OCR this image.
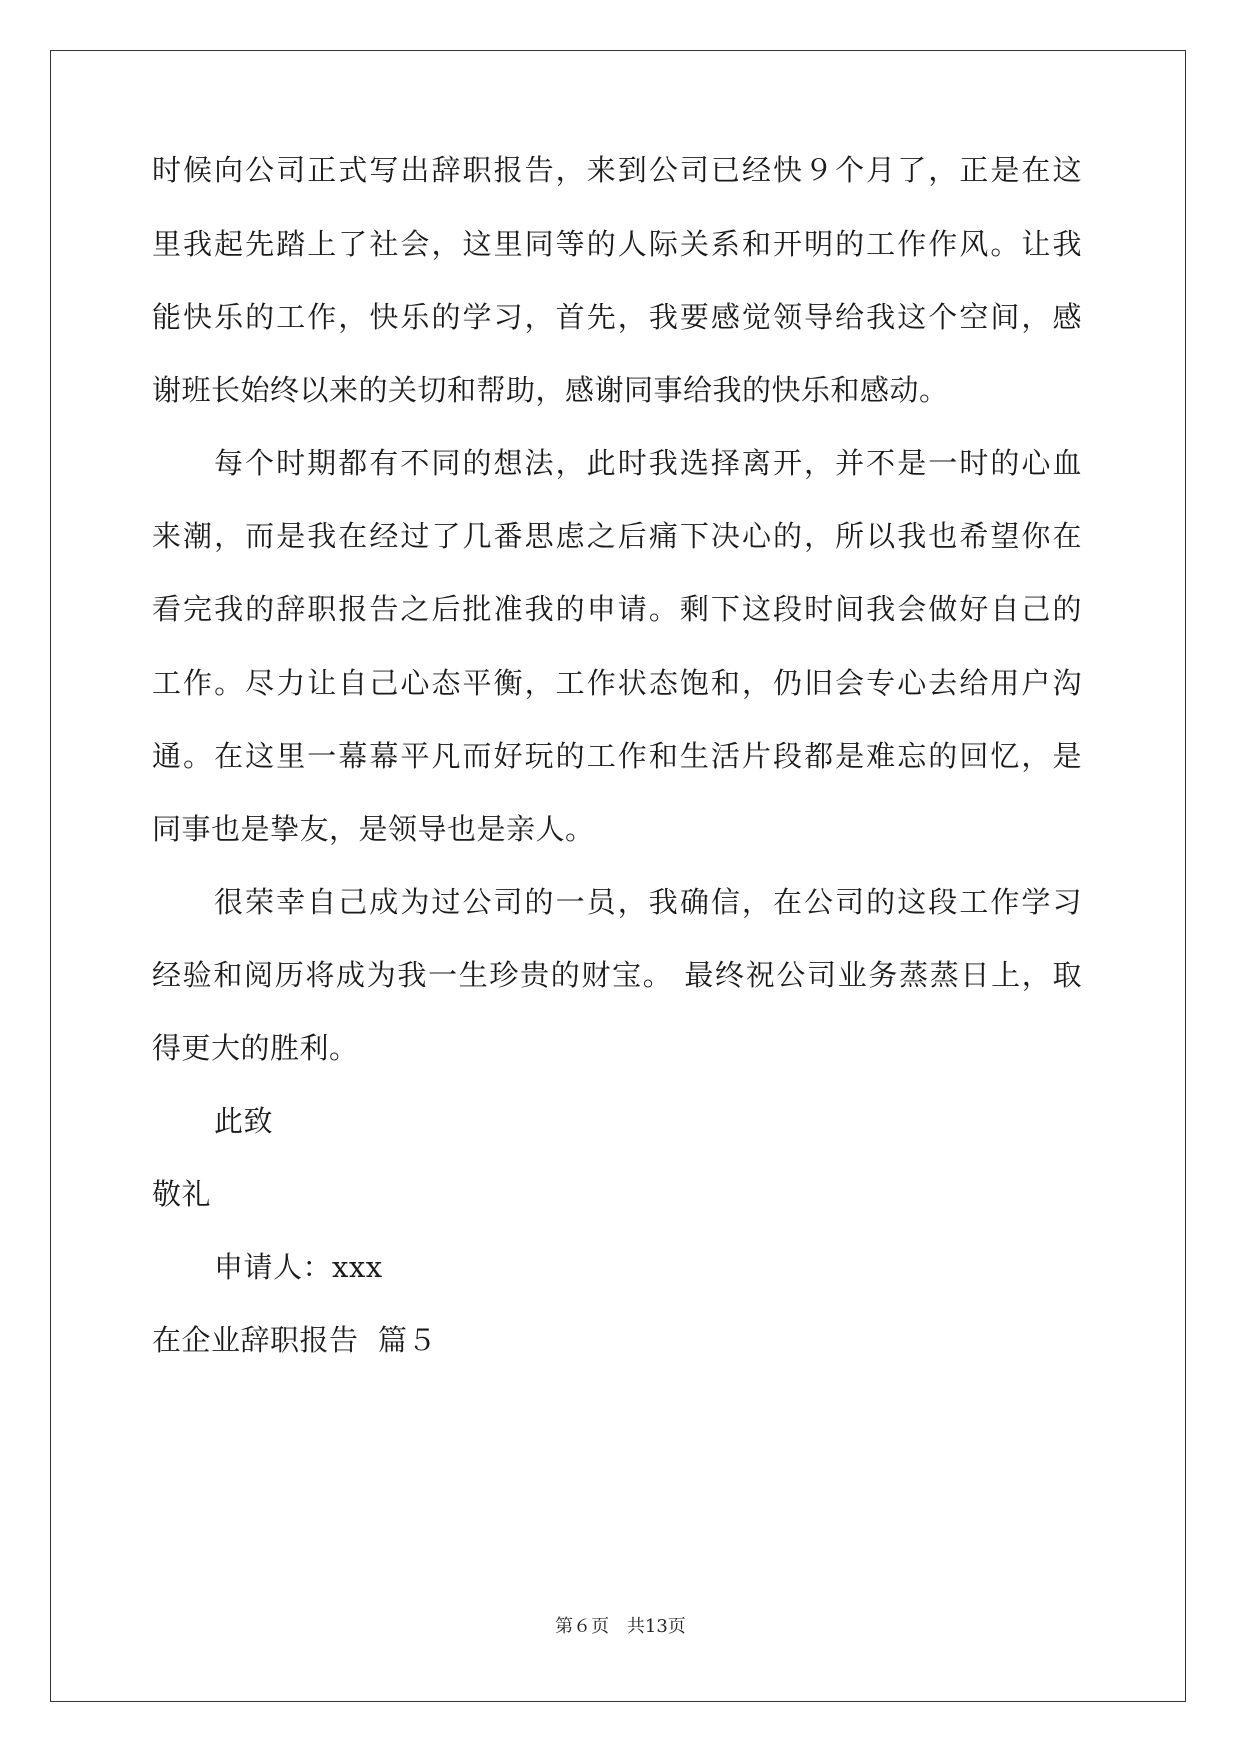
时候向公司正式写出辞职报告，来到公司已经快９个月了，正是在这
里我起先踏上了社会，这里同等的人际关系和开明的工作作风。让我
能快乐的工作，快乐的学习，首先，我要感觉领导给我这个空间，感
谢班长始终以来的关切和帮助，感谢同事给我的快乐和感动。
每个时期都有不同的想法，此时我选择离开，并不是一时的心血
来潮，而是我在经过了几番思虑之后痛下决心的，所以我也希望你在
看完我的辞职报告之后批准我的申请。剩下这段时间我会做好自己的
工作。尽力让自己心态平衡，工作状态饱和，仍旧会专心去给用户沟
通。在这里一幕幕平凡而好玩的工作和生活片段都是难忘的回忆，是
同事也是挚友，是领导也是亲人。
很荣幸自己成为过公司的一员，我确信，在公司的这段工作学习
经验和阅历将成为我一生珍贵的财宝。 最终祝公司业务蒸蒸日上，取
得更大的胜利。
此致
敬礼
申请人：xxx
在企业辞职报告  篇５
第６页 共13页
